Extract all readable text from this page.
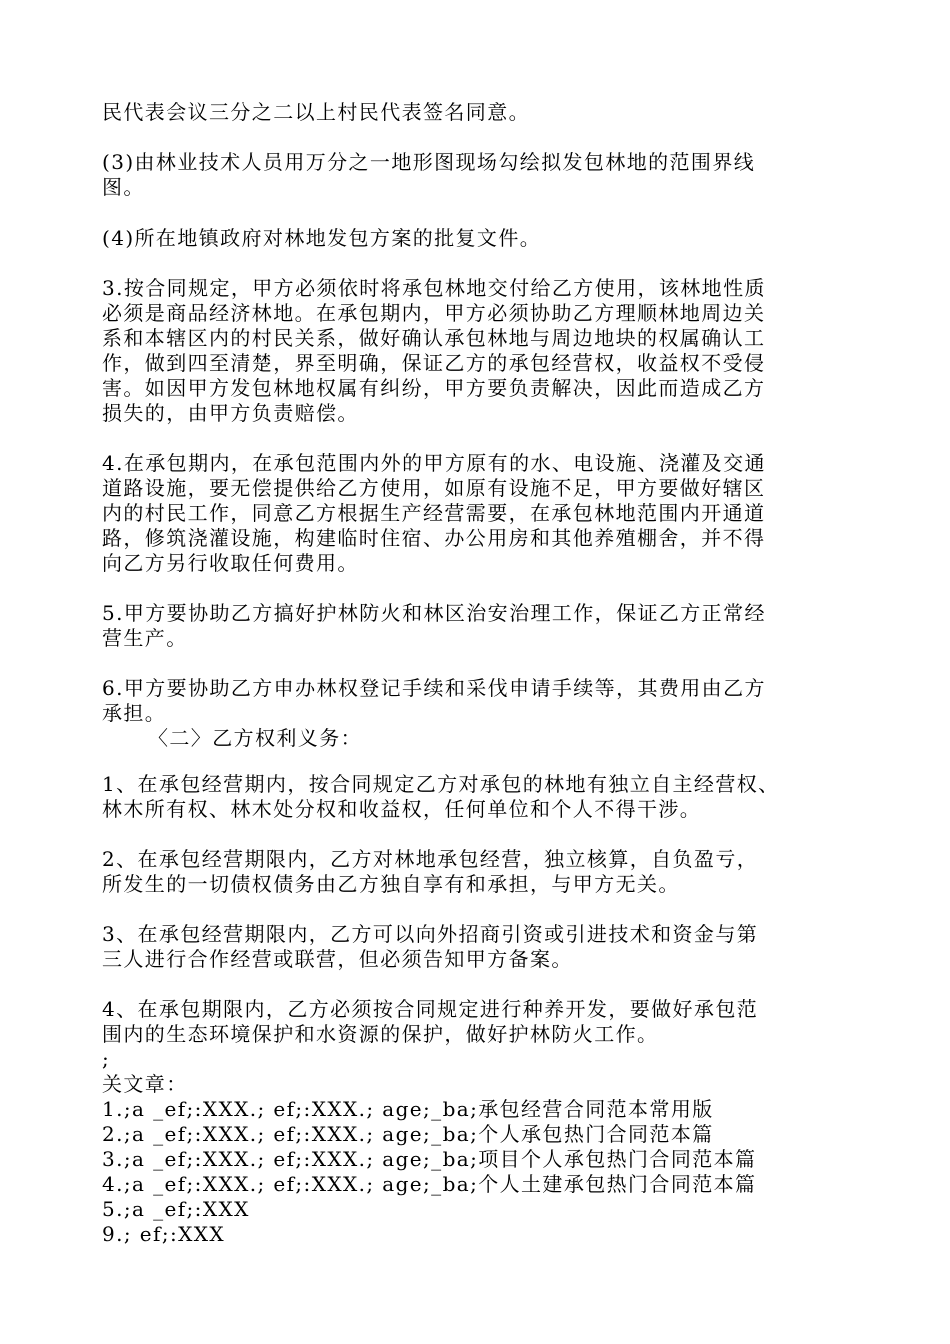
民代表会议三分之二以上村民代表签名同意。
(3)由林业技术人员用万分之一地形图现场勾绘拟发包林地的范围界线
图。
(4)所在地镇政府对林地发包方案的批复文件。
3.按合同规定，甲方必须依时将承包林地交付给乙方使用，该林地性质
必须是商品经济林地。在承包期内，甲方必须协助乙方理顺林地周边关
系和本辖区内的村民关系，做好确认承包林地与周边地块的权属确认工
作，做到四至清楚，界至明确，保证乙方的承包经营权，收益权不受侵
害。如因甲方发包林地权属有纠纷，甲方要负责解决，因此而造成乙方
损失的，由甲方负责赔偿。
4.在承包期内，在承包范围内外的甲方原有的水、电设施、浇灌及交通
道路设施，要无偿提供给乙方使用，如原有设施不足，甲方要做好辖区
内的村民工作，同意乙方根据生产经营需要，在承包林地范围内开通道
路，修筑浇灌设施，构建临时住宿、办公用房和其他养殖棚舍，并不得
向乙方另行收取任何费用。
5.甲方要协助乙方搞好护林防火和林区治安治理工作，保证乙方正常经
营生产。
6.甲方要协助乙方申办林权登记手续和采伐申请手续等，其费用由乙方
承担。
〈二〉乙方权利义务：
1、在承包经营期内，按合同规定乙方对承包的林地有独立自主经营权、
林木所有权、林木处分权和收益权，任何单位和个人不得干涉。
2、在承包经营期限内，乙方对林地承包经营，独立核算，自负盈亏，
所发生的一切债权债务由乙方独自享有和承担，与甲方无关。
3、在承包经营期限内，乙方可以向外招商引资或引进技术和资金与第
三人进行合作经营或联营，但必须告知甲方备案。
4、在承包期限内，乙方必须按合同规定进行种养开发，要做好承包范
围内的生态环境保护和水资源的保护，做好护林防火工作。
;
关文章：
1.;a _ef;:XXX.; ef;:XXX.; age;_ba;承包经营合同范本常用版
2.;a _ef;:XXX.; ef;:XXX.; age;_ba;个人承包热门合同范本篇
3.;a _ef;:XXX.; ef;:XXX.; age;_ba;项目个人承包热门合同范本篇
4.;a _ef;:XXX.; ef;:XXX.; age;_ba;个人土建承包热门合同范本篇
5.;a _ef;:XXX
9.; ef;:XXX
